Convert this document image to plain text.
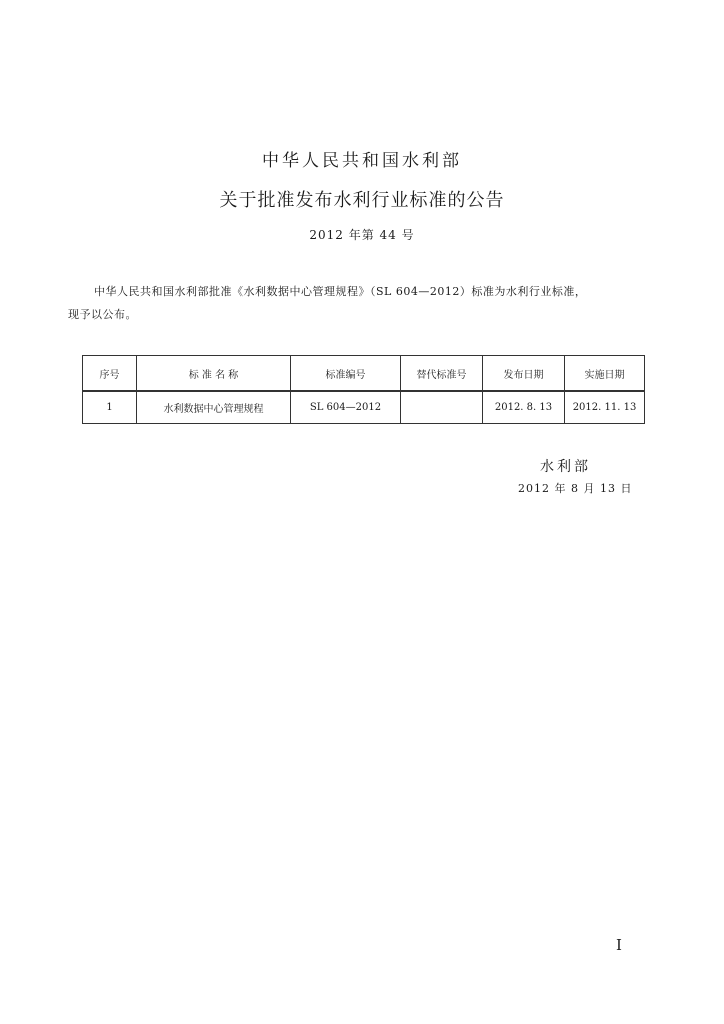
中华人民共和国水利部
关于批准发布水利行业标准的公告
2012 年第 44 号
中华人民共和国水利部批准《水利数据中心管理规程》（SL 604—2012）标准为水利行业标准，
现予以公布。
序号	标 准 名 称	标准编号	替代标准号	发布日期	实施日期
1	水利数据中心管理规程	SL 604—2012		2012. 8. 13	2012. 11. 13
水利部
2012 年 8 月 13 日
I
